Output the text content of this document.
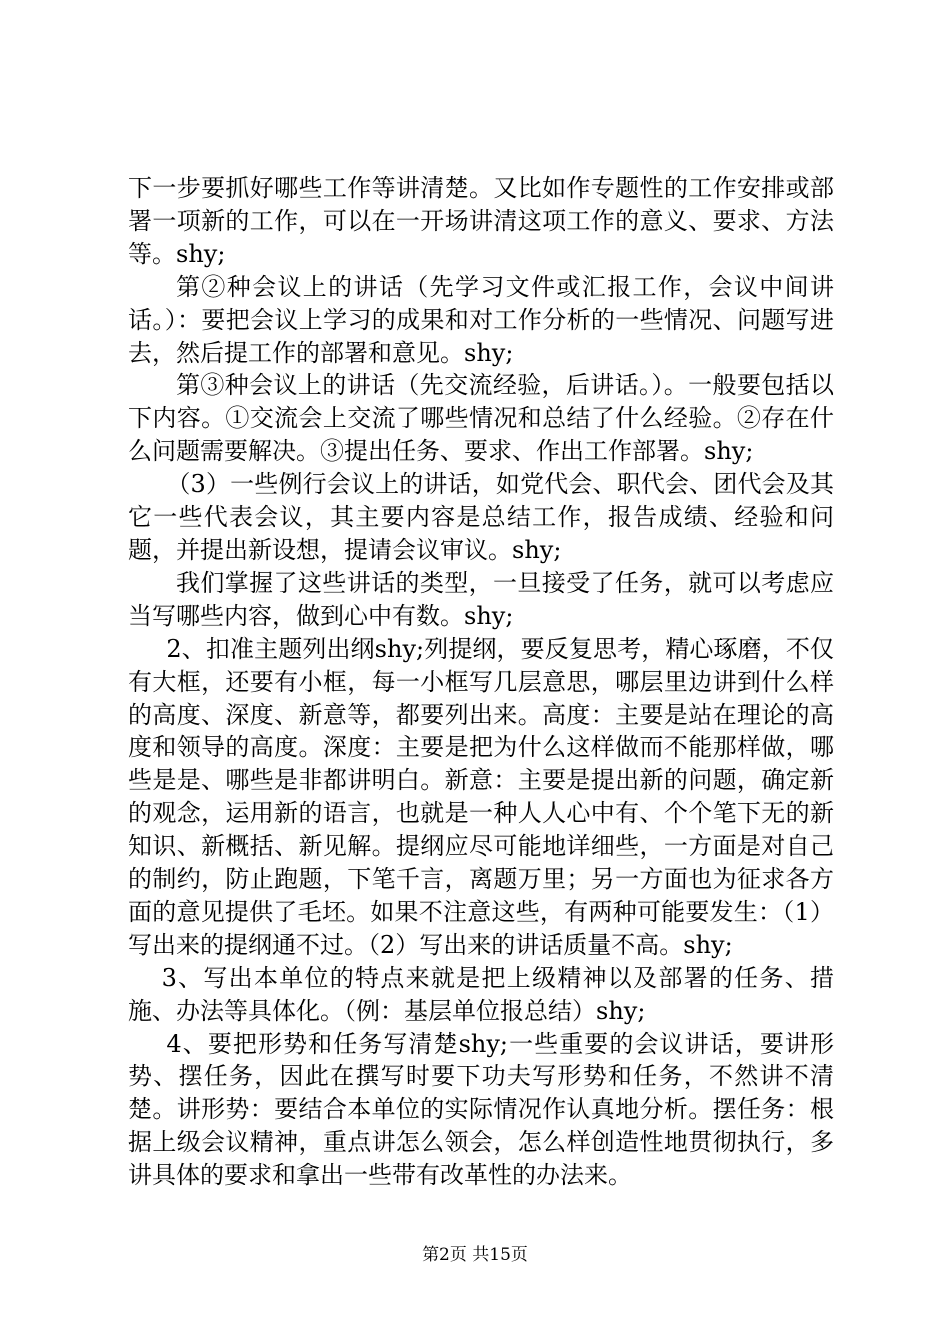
下一步要抓好哪些工作等讲清楚。又比如作专题性的工作安排或部署一项新的工作，可以在一开场讲清这项工作的意义、要求、方法等。shy;

第②种会议上的讲话（先学习文件或汇报工作，会议中间讲话。）：要把会议上学习的成果和对工作分析的一些情况、问题写进去，然后提工作的部署和意见。shy;

第③种会议上的讲话（先交流经验，后讲话。）。一般要包括以下内容。①交流会上交流了哪些情况和总结了什么经验。②存在什么问题需要解决。③提出任务、要求、作出工作部署。shy;

（3）一些例行会议上的讲话，如党代会、职代会、团代会及其它一些代表会议，其主要内容是总结工作，报告成绩、经验和问题，并提出新设想，提请会议审议。shy;

我们掌握了这些讲话的类型，一旦接受了任务，就可以考虑应当写哪些内容，做到心中有数。shy;

2、扣准主题列出纲shy;列提纲，要反复思考，精心琢磨，不仅有大框，还要有小框，每一小框写几层意思，哪层里边讲到什么样的高度、深度、新意等，都要列出来。高度：主要是站在理论的高度和领导的高度。深度：主要是把为什么这样做而不能那样做，哪些是是、哪些是非都讲明白。新意：主要是提出新的问题，确定新的观念，运用新的语言，也就是一种人人心中有、个个笔下无的新知识、新概括、新见解。提纲应尽可能地详细些，一方面是对自己的制约，防止跑题，下笔千言，离题万里；另一方面也为征求各方面的意见提供了毛坯。如果不注意这些，有两种可能要发生：（1）写出来的提纲通不过。（2）写出来的讲话质量不高。shy;

3、写出本单位的特点来就是把上级精神以及部署的任务、措施、办法等具体化。（例：基层单位报总结）shy;

4、要把形势和任务写清楚shy;一些重要的会议讲话，要讲形势、摆任务，因此在撰写时要下功夫写形势和任务，不然讲不清楚。讲形势：要结合本单位的实际情况作认真地分析。摆任务：根据上级会议精神，重点讲怎么领会，怎么样创造性地贯彻执行，多讲具体的要求和拿出一些带有改革性的办法来。

第2页 共15页
